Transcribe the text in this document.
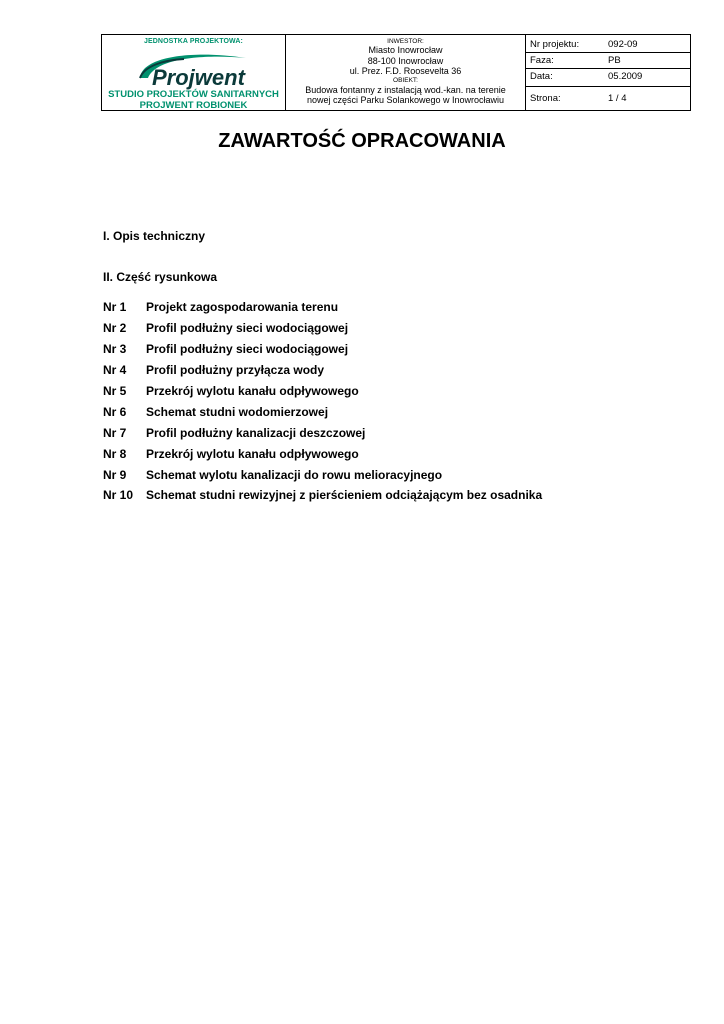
JEDNOSTKA PROJEKTOWA:
Projwent
STUDIO PROJEKTÓW SANITARNYCH
PROJWENT ROBIONEK
INWESTOR:
Miasto Inowrocław
88-100 Inowrocław
ul. Prez. F.D. Roosevelta 36
OBIEKT:
Budowa fontanny z instalacją wod.-kan. na terenie
nowej części Parku Solankowego w Inowrocławiu
Nr projektu:	092-09
Faza:	PB
Data:	05.2009
Strona:	1 / 4
ZAWARTOŚĆ OPRACOWANIA
I. Opis techniczny
II. Część rysunkowa
Nr 1	Projekt zagospodarowania terenu
Nr 2	Profil podłużny sieci wodociągowej
Nr 3	Profil podłużny sieci wodociągowej
Nr 4	Profil podłużny przyłącza wody
Nr 5	Przekrój wylotu kanału odpływowego
Nr 6	Schemat studni wodomierzowej
Nr 7	Profil podłużny kanalizacji deszczowej
Nr 8	Przekrój wylotu kanału odpływowego
Nr 9	Schemat wylotu kanalizacji do rowu melioracyjnego
Nr 10	Schemat studni rewizyjnej z pierścieniem odciążającym bez osadnika
